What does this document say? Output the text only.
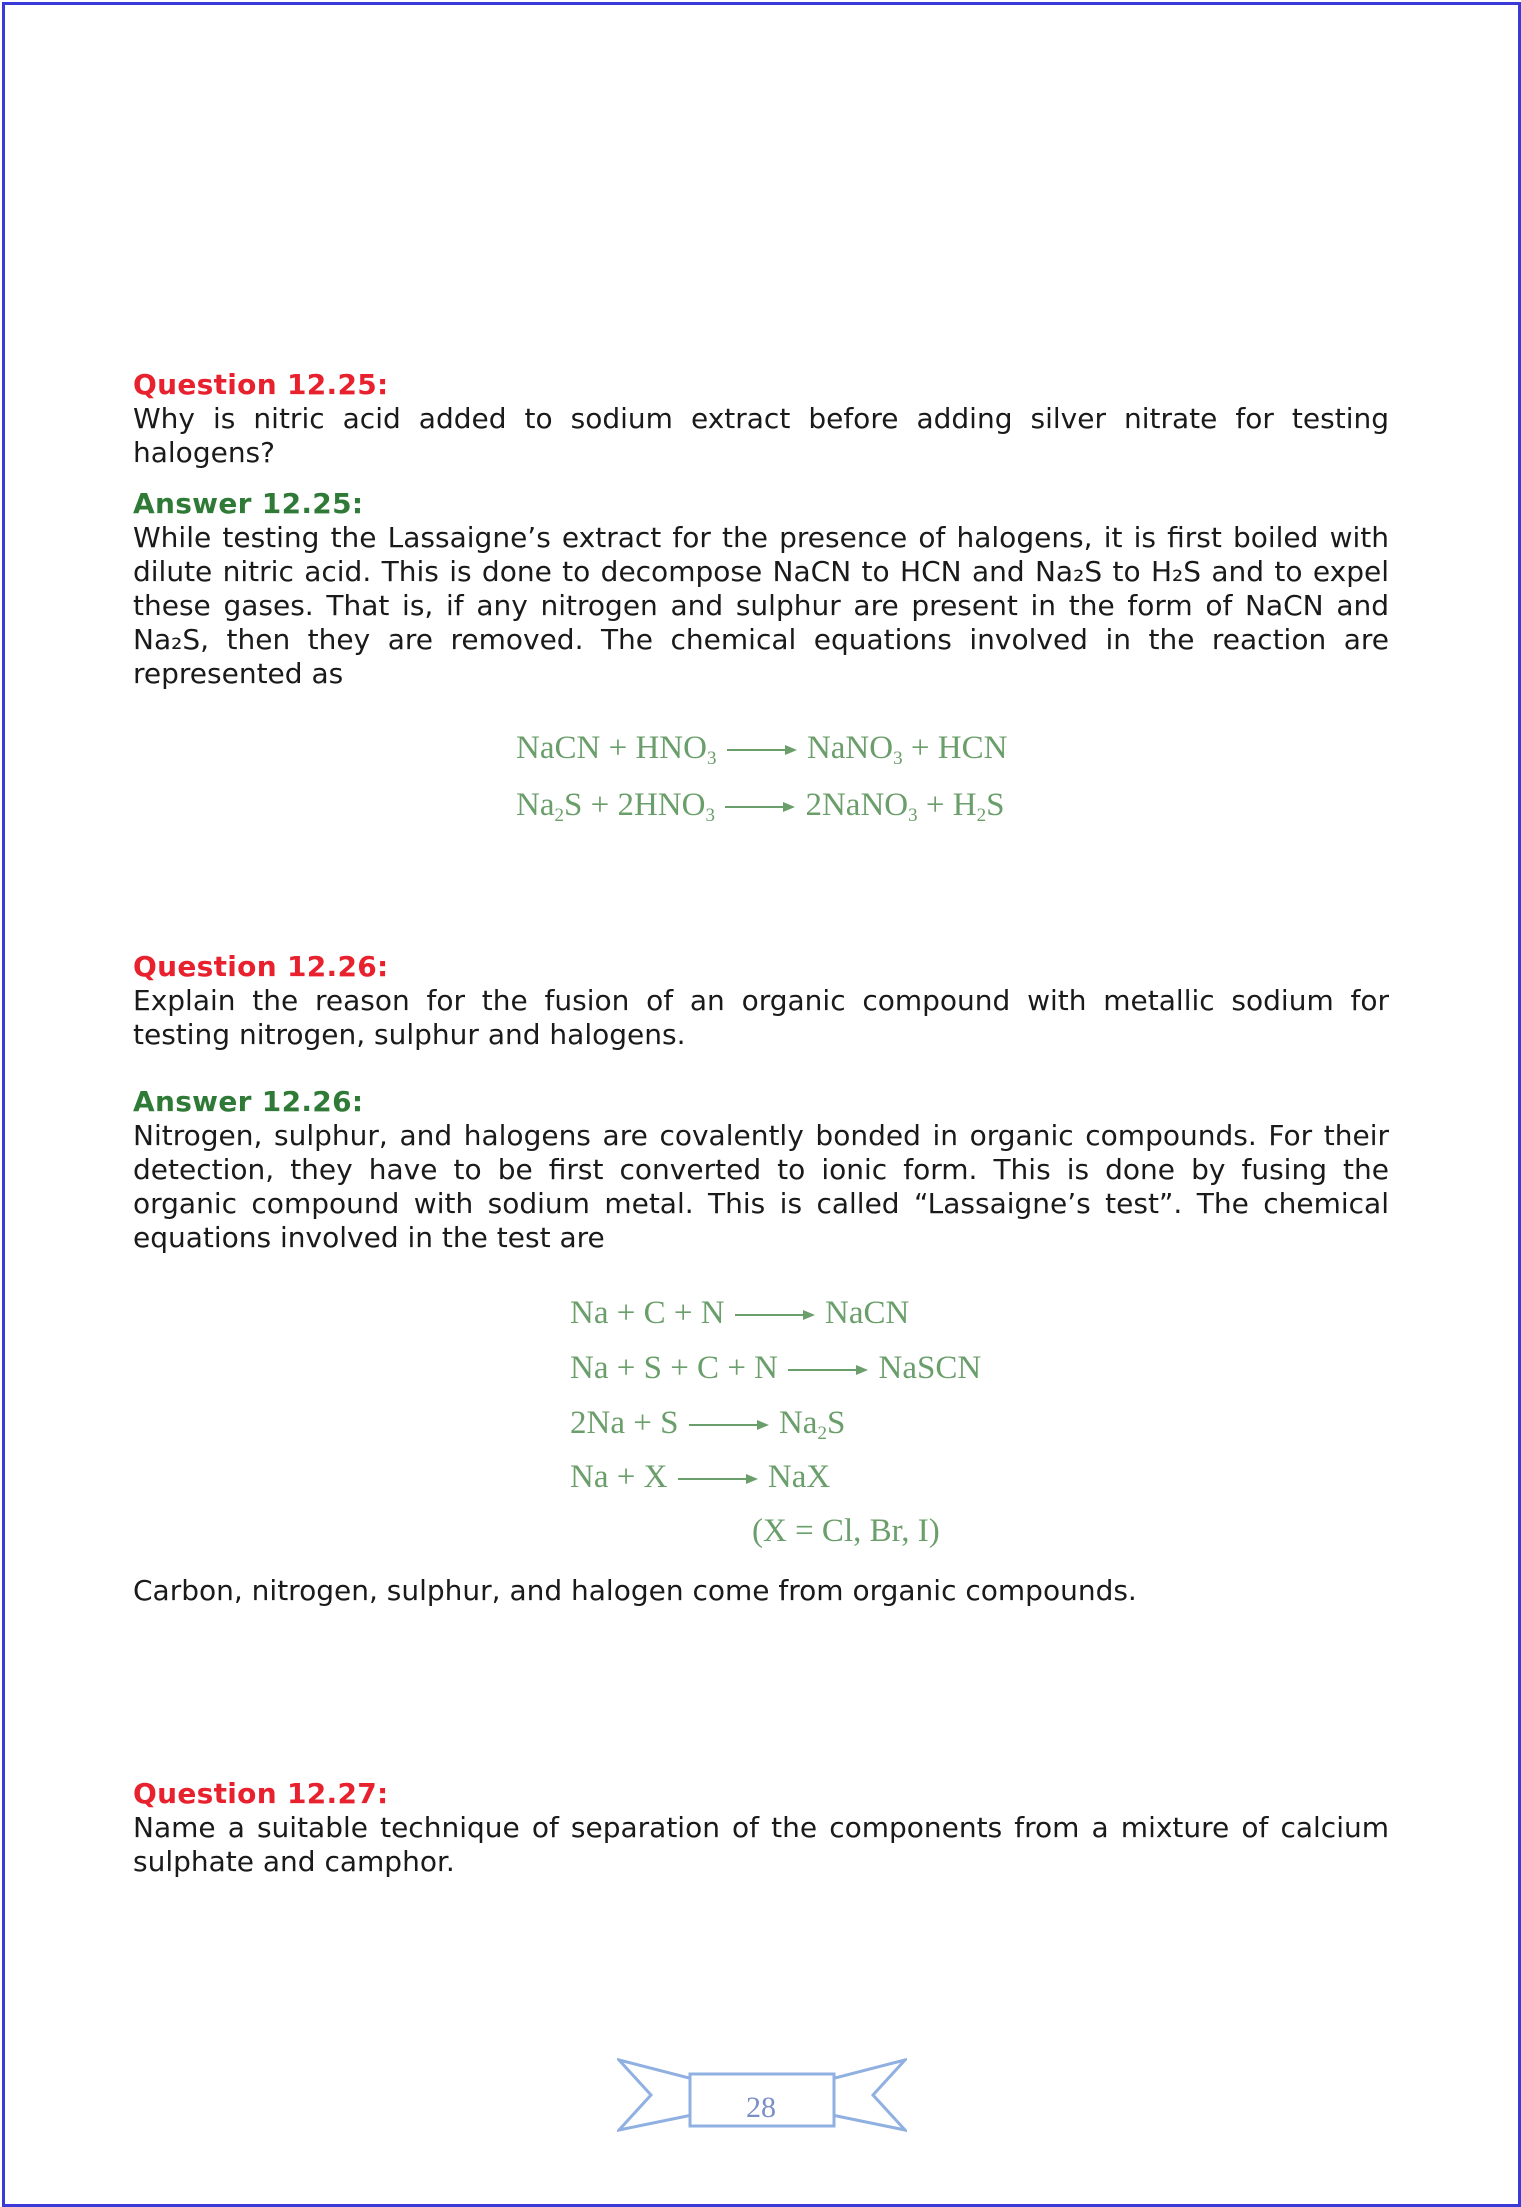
Question 12.25:
Why is nitric acid added to sodium extract before adding silver nitrate for testing halogens?
Answer 12.25:
While testing the Lassaigne’s extract for the presence of halogens, it is first boiled with dilute nitric acid. This is done to decompose NaCN to HCN and Na₂S to H₂S and to expel these gases. That is, if any nitrogen and sulphur are present in the form of NaCN and Na₂S, then they are removed. The chemical equations involved in the reaction are represented as
NaCN + $HNO_3$ → NaNO$_3$ + HCN
$Na_2S + 2HNO_3$ → 2NaNO$_3$ + $H_2S$
Question 12.26:
Explain the reason for the fusion of an organic compound with metallic sodium for testing nitrogen, sulphur and halogens.
Answer 12.26:
Nitrogen, sulphur, and halogens are covalently bonded in organic compounds. For their detection, they have to be first converted to ionic form. This is done by fusing the organic compound with sodium metal. This is called “Lassaigne’s test”. The chemical equations involved in the test are
Na + C + N → NaCN
Na + S + C + N → NaSCN
$2Na + S \to Na_2S$
Na + X → NaX
(X = Cl, Br, I)
Carbon, nitrogen, sulphur, and halogen come from organic compounds.
Question 12.27:
Name a suitable technique of separation of the components from a mixture of calcium sulphate and camphor.
28
